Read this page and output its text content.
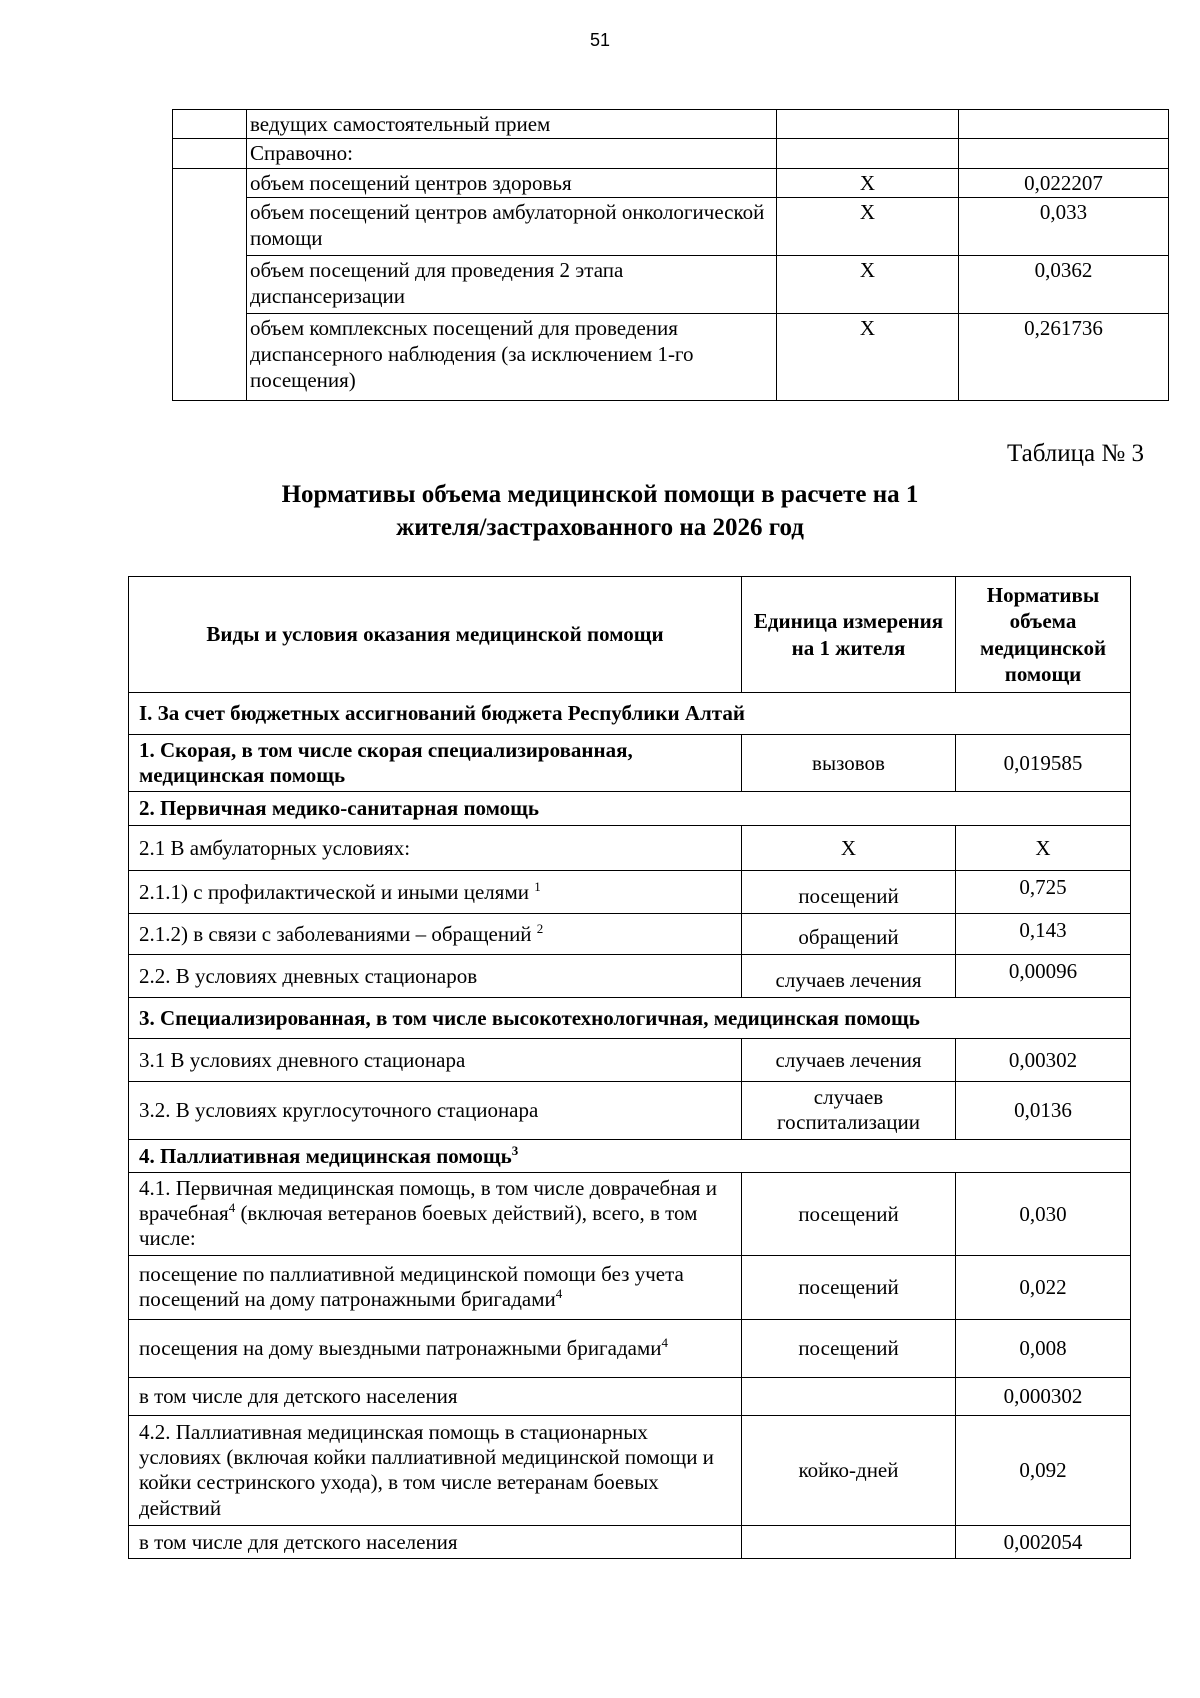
51
	ведущих самостоятельный прием		
	Справочно:		
	объем посещений центров здоровья	Х	0,022207
	объем посещений центров амбулаторной онкологической помощи	Х	0,033
	объем посещений для проведения 2 этапа диспансеризации	Х	0,0362
	объем комплексных посещений для проведения диспансерного наблюдения (за исключением 1-го посещения)	Х	0,261736
Таблица № 3
Нормативы объема медицинской помощи в расчете на 1
жителя/застрахованного на 2026 год
Виды и условия оказания медицинской помощи	Единица измерения на 1 жителя	Нормативы объема медицинской помощи
I. За счет бюджетных ассигнований бюджета Республики Алтай		
1. Скорая, в том числе скорая специализированная, медицинская помощь	вызовов	0,019585
2. Первичная медико-санитарная помощь		
2.1 В амбулаторных условиях:	Х	Х
2.1.1) с профилактической и иными целями $^1$	посещений	0,725
2.1.2) в связи с заболеваниями – обращений $^2$	обращений	0,143
2.2. В условиях дневных стационаров	случаев лечения	0,00096
3. Специализированная, в том числе высокотехнологичная, медицинская помощь		
3.1 В условиях дневного стационара	случаев лечения	0,00302
3.2. В условиях круглосуточного стационара	случаев госпитализации	0,0136
4. Паллиативная медицинская помощь$^3$
4.1. Первичная медицинская помощь, в том числе доврачебная и врачебная$^4$ (включая ветеранов боевых действий), всего, в том числе:	посещений	0,030
посещение по паллиативной медицинской помощи без учета посещений на дому патронажными бригадами$^4$	посещений	0,022
посещения на дому выездными патронажными бригадами$^4$	посещений	0,008
в том числе для детского населения		0,000302
4.2. Паллиативная медицинская помощь в стационарных условиях (включая койки паллиативной медицинской помощи и койки сестринского ухода), в том числе ветеранам боевых действий	койко-дней	0,092
в том числе для детского населения		0,002054
